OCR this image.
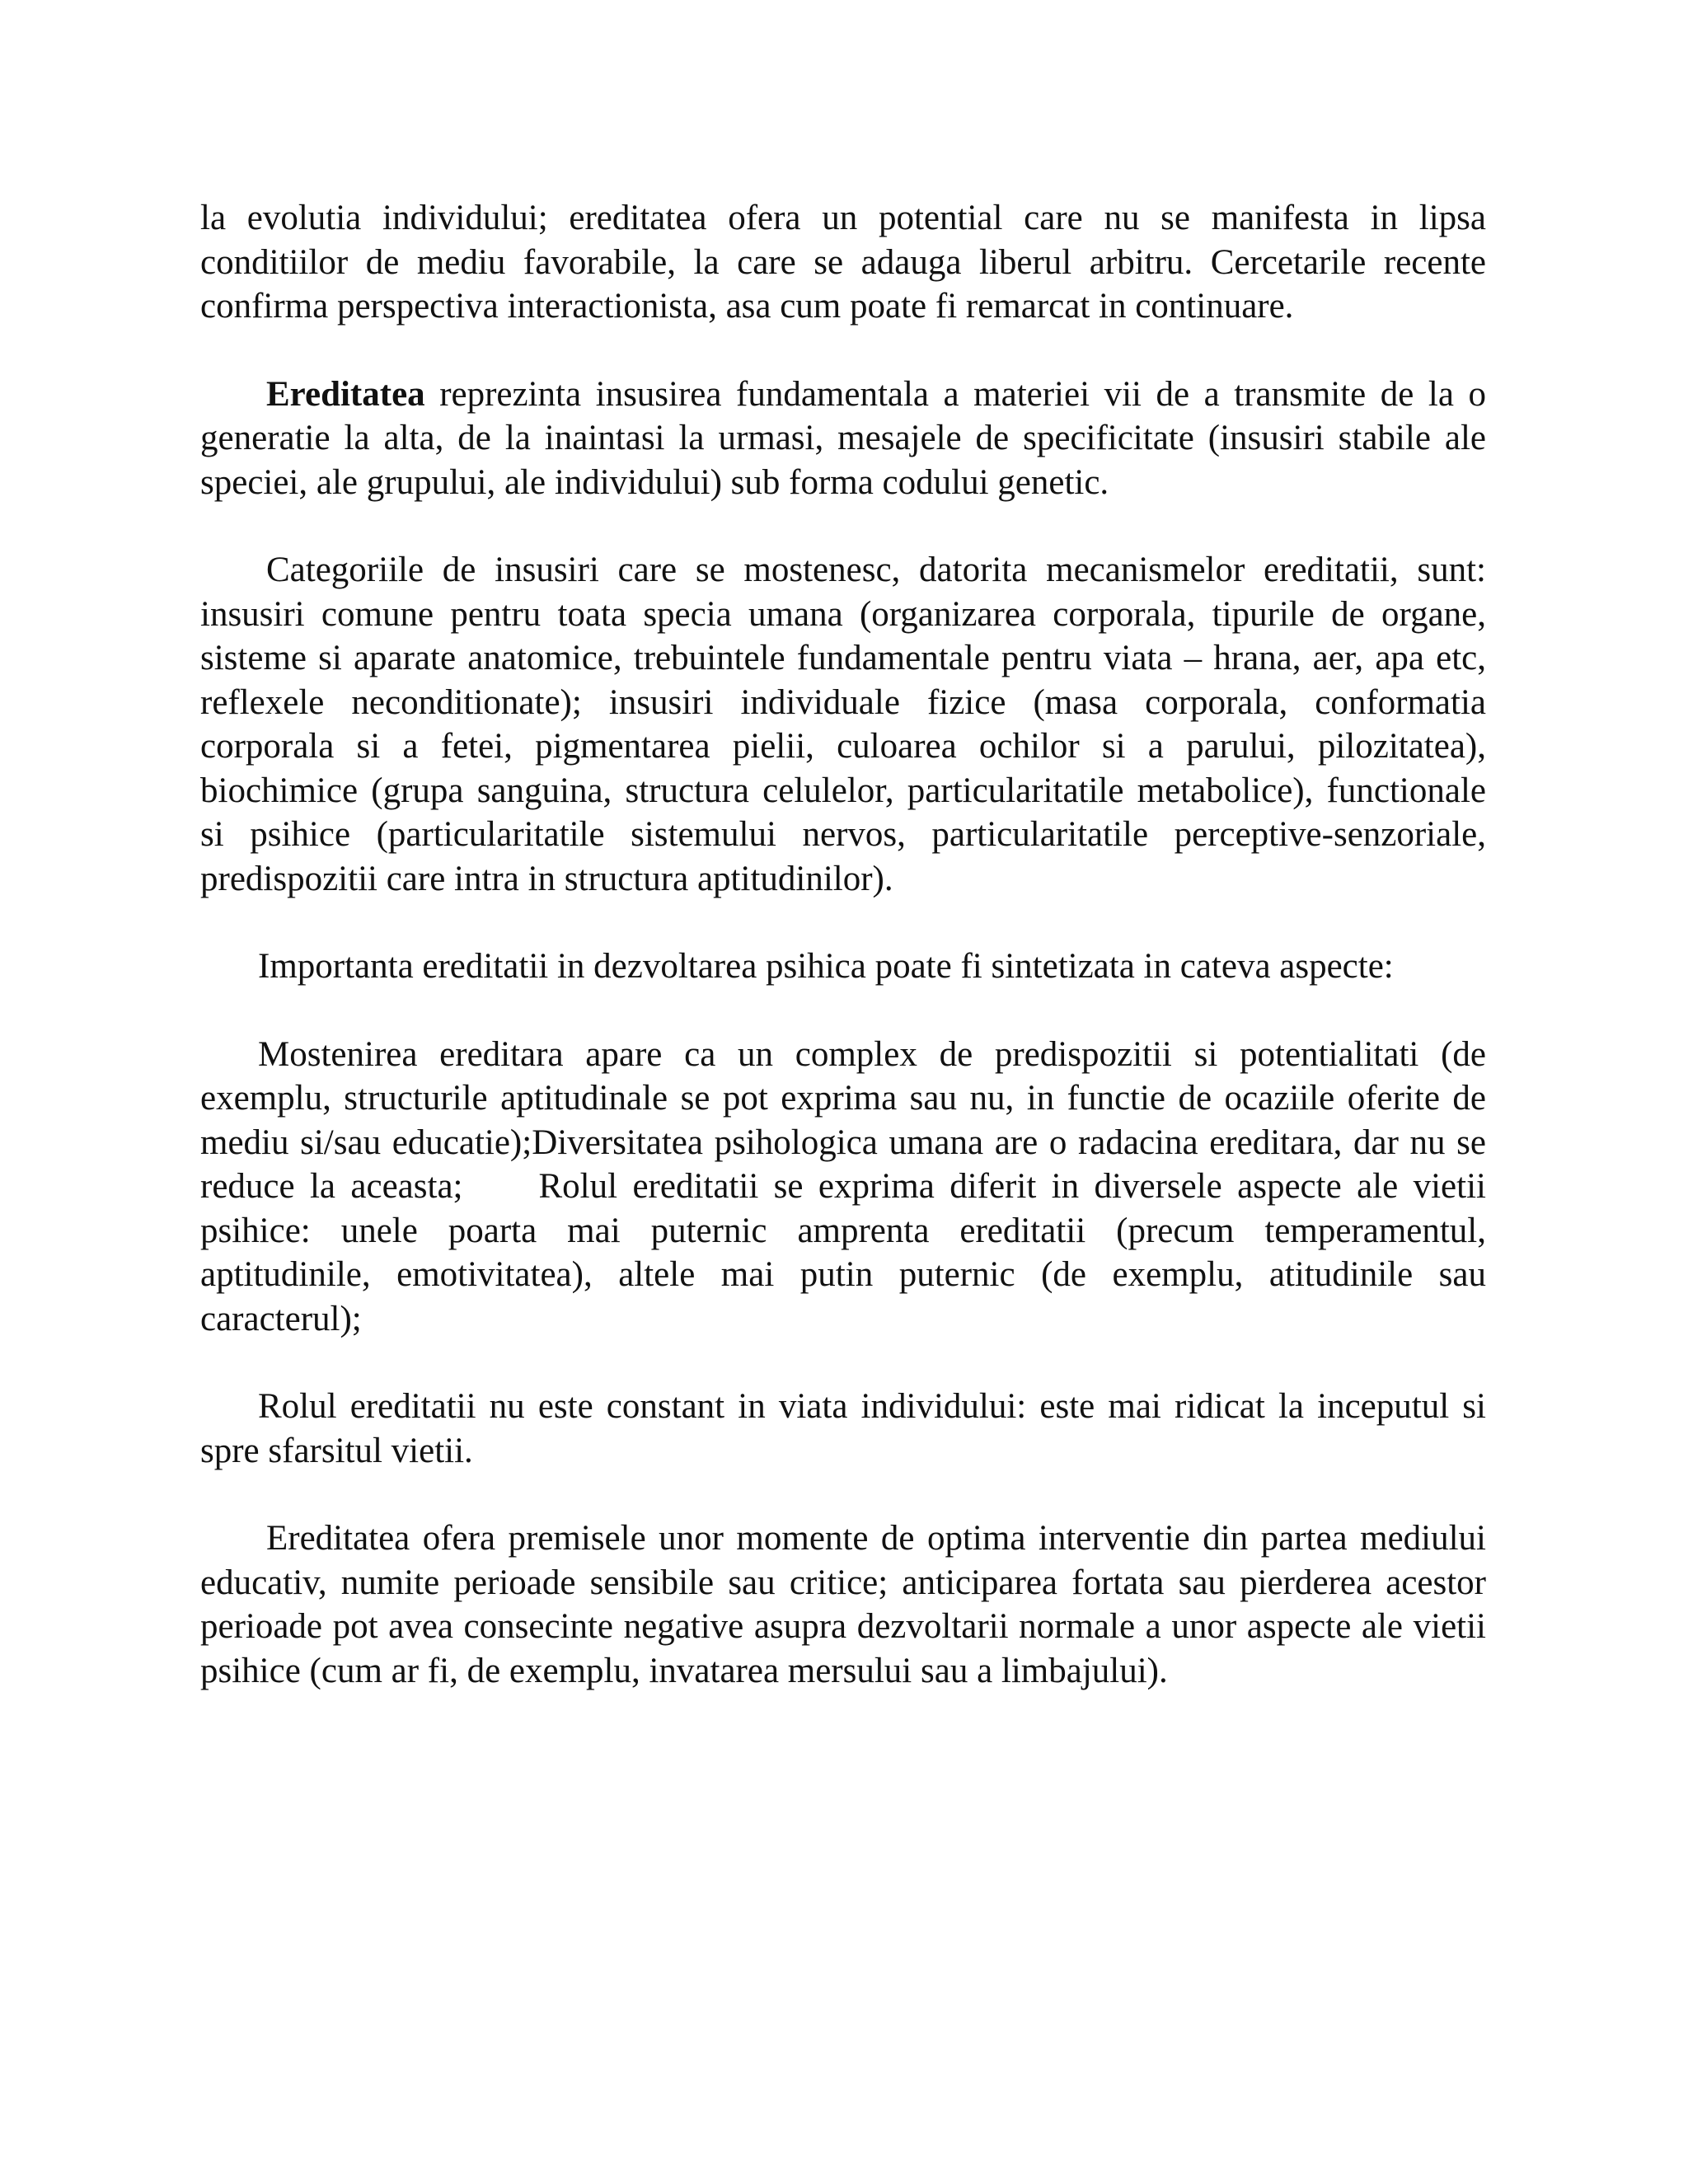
la evolutia individului; ereditatea ofera un potential care nu se manifesta in lipsa conditiilor de mediu favorabile, la care se adauga liberul arbitru. Cercetarile recente confirma perspectiva interactionista, asa cum poate fi remarcat in continuare.

Ereditatea reprezinta insusirea fundamentala a materiei vii de a transmite de la o generatie la alta, de la inaintasi la urmasi, mesajele de specificitate (insusiri stabile ale speciei, ale grupului, ale individului) sub forma codului genetic.

Categoriile de insusiri care se mostenesc, datorita mecanismelor ereditatii, sunt: insusiri comune pentru toata specia umana (organizarea corporala, tipurile de organe, sisteme si aparate anatomice, trebuintele fundamentale pentru viata – hrana, aer, apa etc, reflexele neconditionate); insusiri individuale fizice (masa corporala, conformatia corporala si a fetei, pigmentarea pielii, culoarea ochilor si a parului, pilozitatea), biochimice (grupa sanguina, structura celulelor, particularitatile metabolice), functionale si psihice (particularitatile sistemului nervos, particularitatile perceptive-senzoriale, predispozitii care intra in structura aptitudinilor).

Importanta ereditatii in dezvoltarea psihica poate fi sintetizata in cateva aspecte:

Mostenirea ereditara apare ca un complex de predispozitii si potentialitati (de exemplu, structurile aptitudinale se pot exprima sau nu, in functie de ocaziile oferite de mediu si/sau educatie);Diversitatea psihologica umana are o radacina ereditara, dar nu se reduce la aceasta; Rolul ereditatii se exprima diferit in diversele aspecte ale vietii psihice: unele poarta mai puternic amprenta ereditatii (precum temperamentul, aptitudinile, emotivitatea), altele mai putin puternic (de exemplu, atitudinile sau caracterul);

Rolul ereditatii nu este constant in viata individului: este mai ridicat la inceputul si spre sfarsitul vietii.

Ereditatea ofera premisele unor momente de optima interventie din partea mediului educativ, numite perioade sensibile sau critice; anticiparea fortata sau pierderea acestor perioade pot avea consecinte negative asupra dezvoltarii normale a unor aspecte ale vietii psihice (cum ar fi, de exemplu, invatarea mersului sau a limbajului).
